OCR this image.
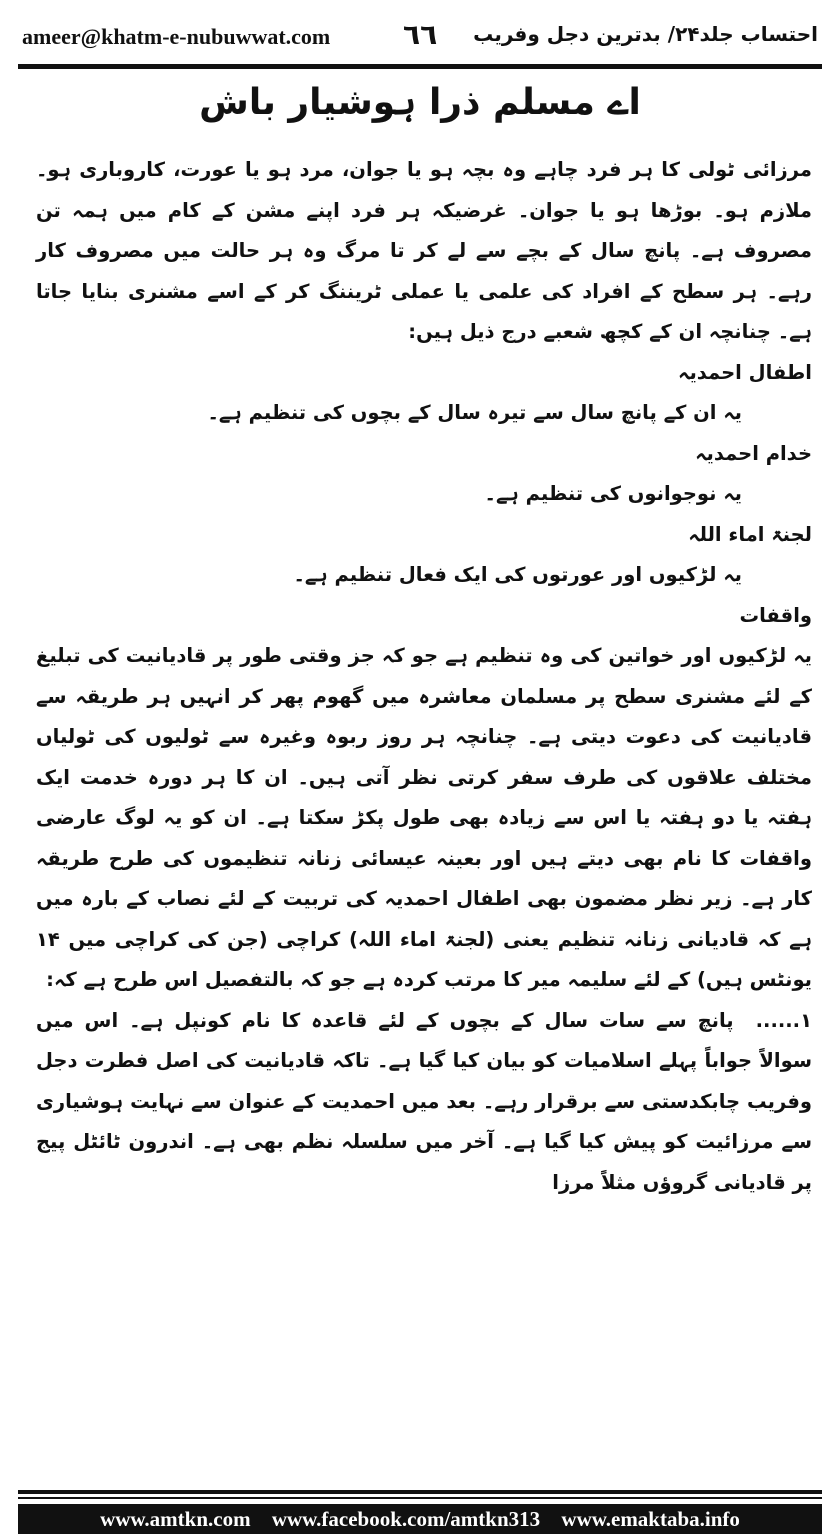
ameer@khatm-e-nubuwwat.com	٦٦ احتساب جلد۲۴/ بدترین دجل وفریب
اے مسلم ذرا ہوشیار باش

مرزائی ٹولی کا ہر فرد چاہے وہ بچہ ہو یا جوان، مرد ہو یا عورت، کاروباری ہو۔ ملازم ہو۔ بوڑھا ہو یا جوان۔ غرضیکہ ہر فرد اپنے مشن کے کام میں ہمہ تن مصروف ہے۔ پانچ سال کے بچے سے لے کر تا مرگ وہ ہر حالت میں مصروف کار رہے۔ ہر سطح کے افراد کی علمی یا عملی ٹریننگ کر کے اسے مشنری بنایا جاتا ہے۔ چنانچہ ان کے کچھ شعبے درج ذیل ہیں:

اطفال احمدیہ

یہ ان کے پانچ سال سے تیرہ سال کے بچوں کی تنظیم ہے۔

خدام احمدیہ

یہ نوجوانوں کی تنظیم ہے۔

لجنۃ اماء اللہ

یہ لڑکیوں اور عورتوں کی ایک فعال تنظیم ہے۔

واقفات

یہ لڑکیوں اور خواتین کی وہ تنظیم ہے جو کہ جز وقتی طور پر قادیانیت کی تبلیغ کے لئے مشنری سطح پر مسلمان معاشرہ میں گھوم پھر کر انہیں ہر طریقہ سے قادیانیت کی دعوت دیتی ہے۔ چنانچہ ہر روز ربوہ وغیرہ سے ٹولیوں کی ٹولیاں مختلف علاقوں کی طرف سفر کرتی نظر آتی ہیں۔ ان کا ہر دورہ خدمت ایک ہفتہ یا دو ہفتہ یا اس سے زیادہ بھی طول پکڑ سکتا ہے۔ ان کو یہ لوگ عارضی واقفات کا نام بھی دیتے ہیں اور بعینہ عیسائی زنانہ تنظیموں کی طرح طریقہ کار ہے۔ زیر نظر مضمون بھی اطفال احمدیہ کی تربیت کے لئے نصاب کے بارہ میں ہے کہ قادیانی زنانہ تنظیم یعنی (لجنۃ اماء اللہ) کراچی (جن کی کراچی میں ۱۴ یونٹس ہیں) کے لئے سلیمہ میر کا مرتب کردہ ہے جو کہ بالتفصیل اس طرح ہے کہ:

۱......پانچ سے سات سال کے بچوں کے لئے قاعدہ کا نام کونپل ہے۔ اس میں سوالاً جواباً پہلے اسلامیات کو بیان کیا گیا ہے۔ تاکہ قادیانیت کی اصل فطرت دجل وفریب چابکدستی سے برقرار رہے۔ بعد میں احمدیت کے عنوان سے نہایت ہوشیاری سے مرزائیت کو پیش کیا گیا ہے۔ آخر میں سلسلہ نظم بھی ہے۔ اندرون ٹائٹل پیج پر قادیانی گروؤں مثلاً مرزا

www.amtkn.com www.facebook.com/amtkn313 www.emaktaba.info
